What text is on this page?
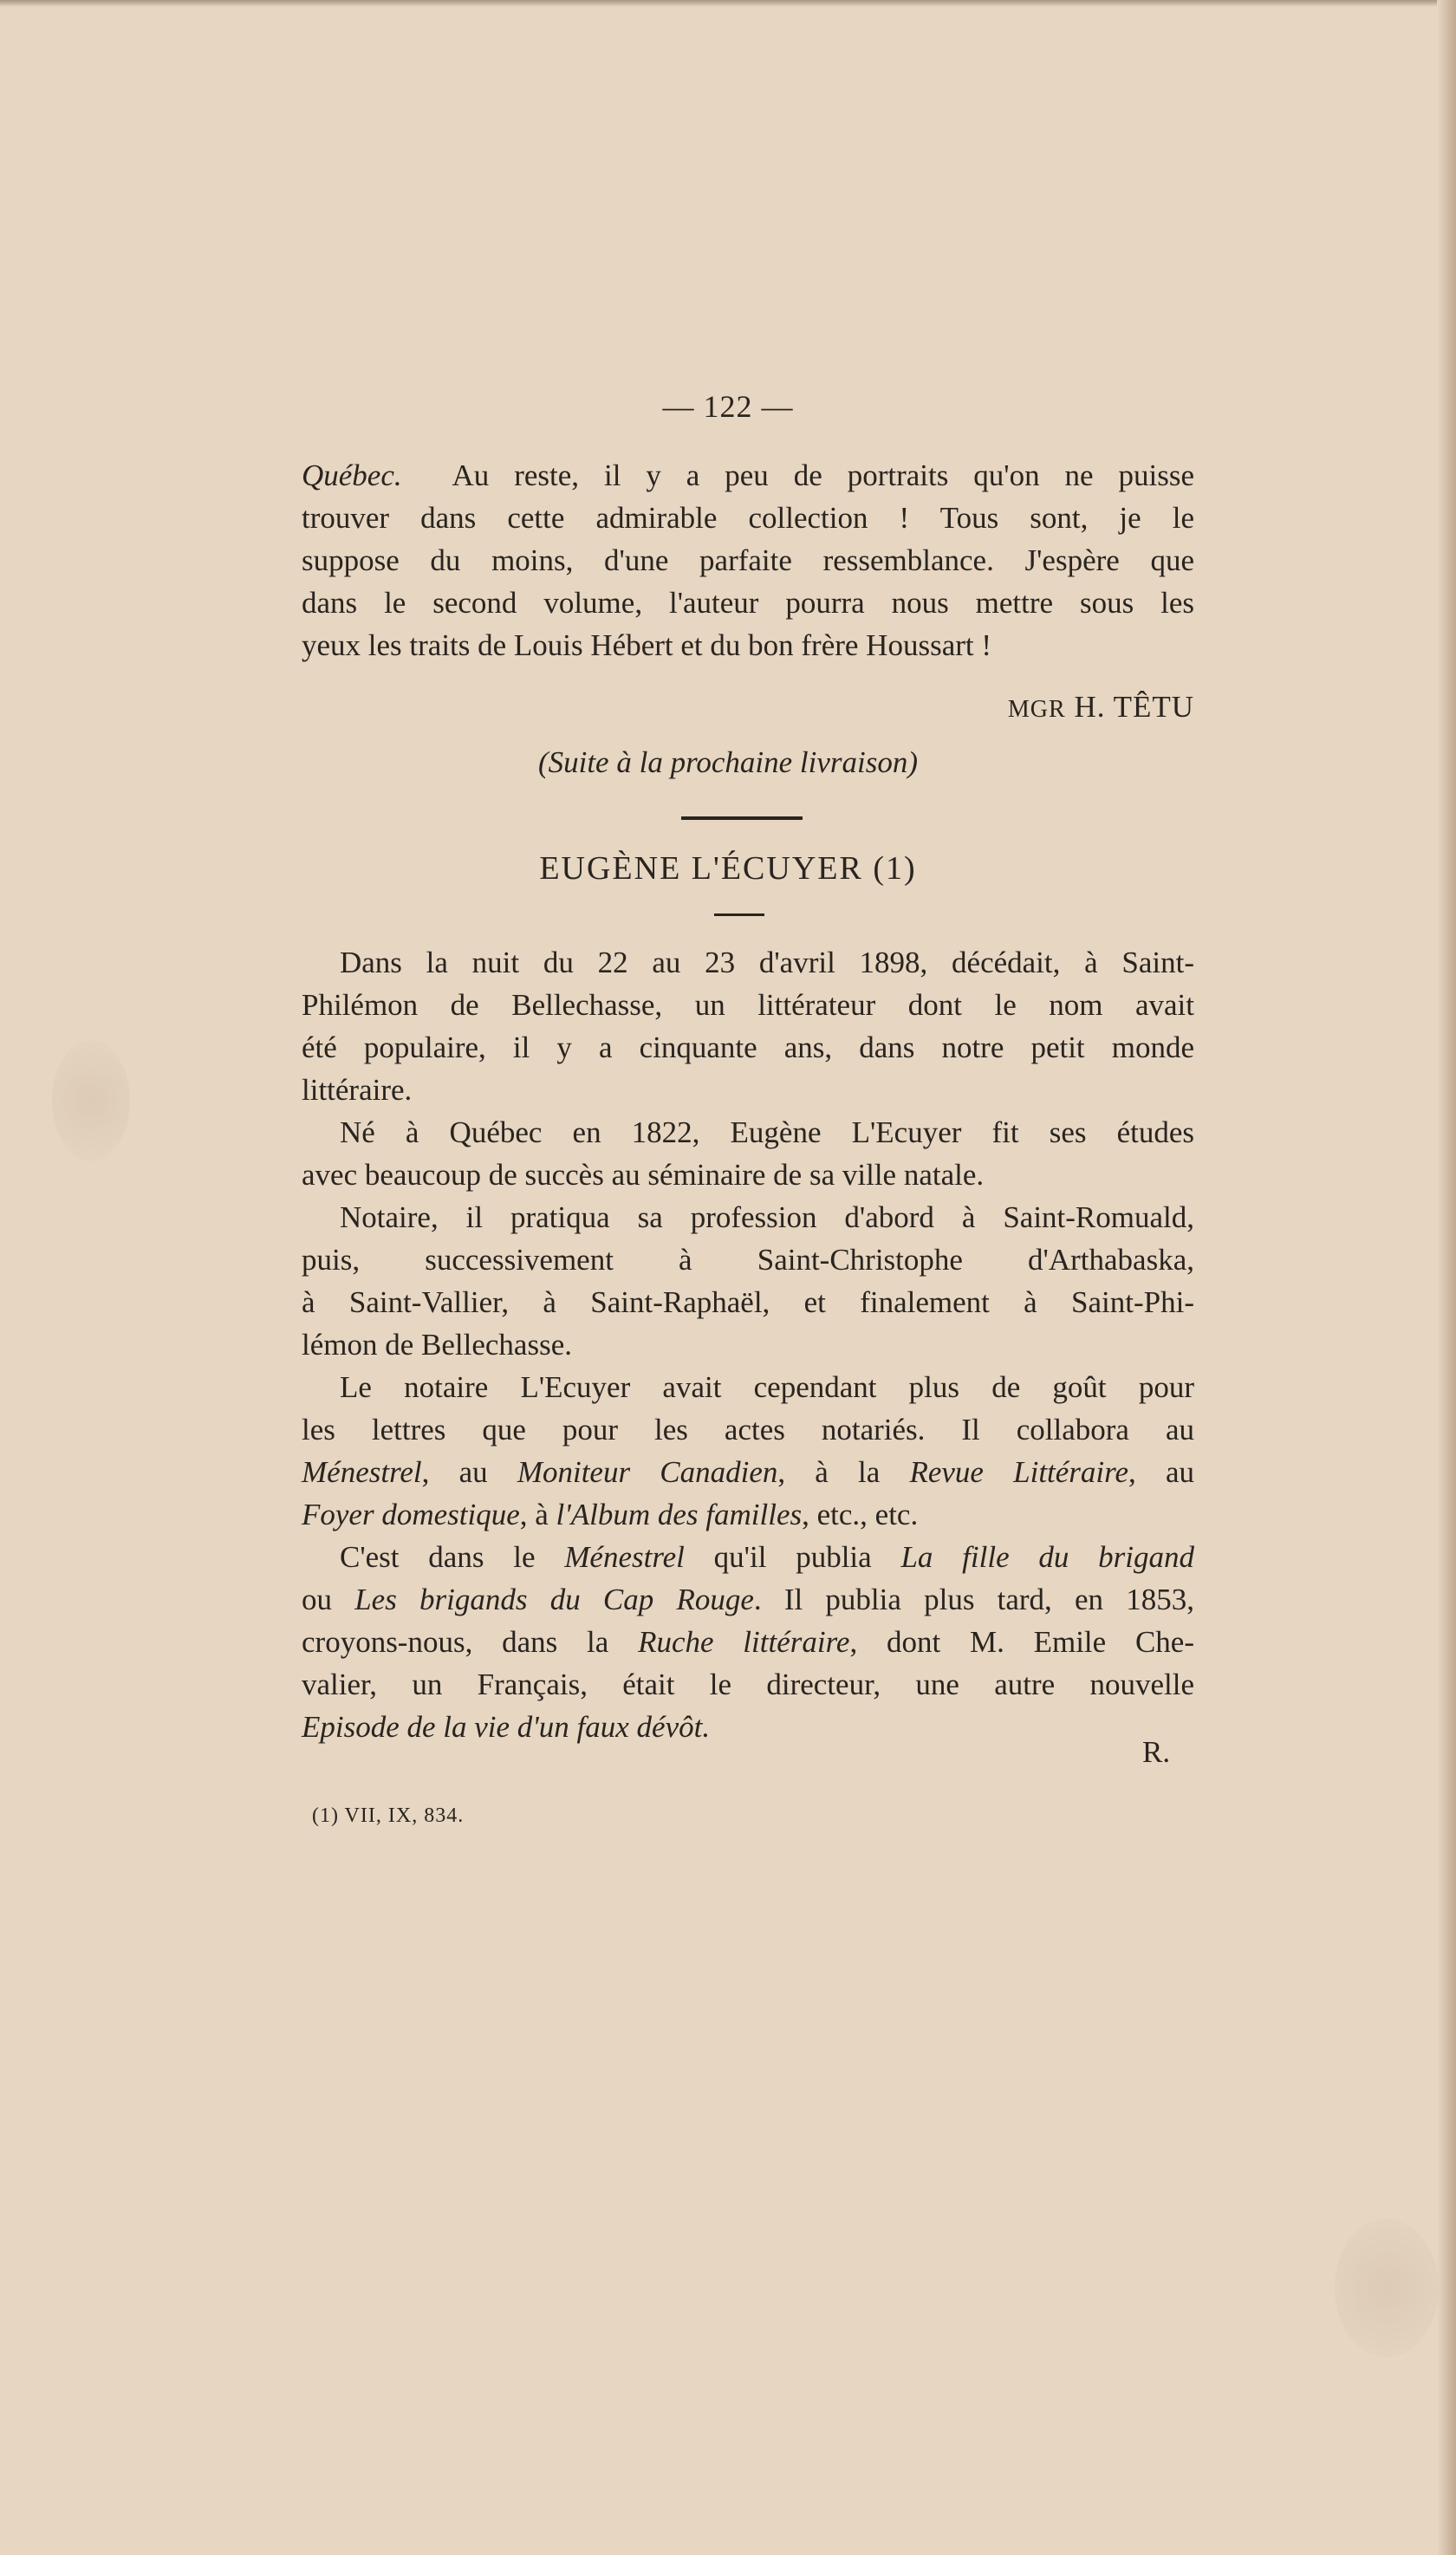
— 122 —
Québec. Au reste, il y a peu de portraits qu'on ne puisse
trouver dans cette admirable collection ! Tous sont, je le
suppose du moins, d'une parfaite ressemblance. J'espère que
dans le second volume, l'auteur pourra nous mettre sous les
yeux les traits de Louis Hébert et du bon frère Houssart !
MGR H. TÊTU
(Suite à la prochaine livraison)
EUGÈNE L'ÉCUYER (1)
Dans la nuit du 22 au 23 d'avril 1898, décédait, à Saint-
Philémon de Bellechasse, un littérateur dont le nom avait
été populaire, il y a cinquante ans, dans notre petit monde
littéraire.
Né à Québec en 1822, Eugène L'Ecuyer fit ses études
avec beaucoup de succès au séminaire de sa ville natale.
Notaire, il pratiqua sa profession d'abord à Saint-Romuald,
puis, successivement à Saint-Christophe d'Arthabaska,
à Saint-Vallier, à Saint-Raphaël, et finalement à Saint-Phi-
lémon de Bellechasse.
Le notaire L'Ecuyer avait cependant plus de goût pour
les lettres que pour les actes notariés. Il collabora au
Ménestrel, au Moniteur Canadien, à la Revue Littéraire, au
Foyer domestique, à l'Album des familles, etc., etc.
C'est dans le Ménestrel qu'il publia La fille du brigand
ou Les brigands du Cap Rouge. Il publia plus tard, en 1853,
croyons-nous, dans la Ruche littéraire, dont M. Emile Che-
valier, un Français, était le directeur, une autre nouvelle
Episode de la vie d'un faux dévôt.
R.
(1) VII, IX, 834.
